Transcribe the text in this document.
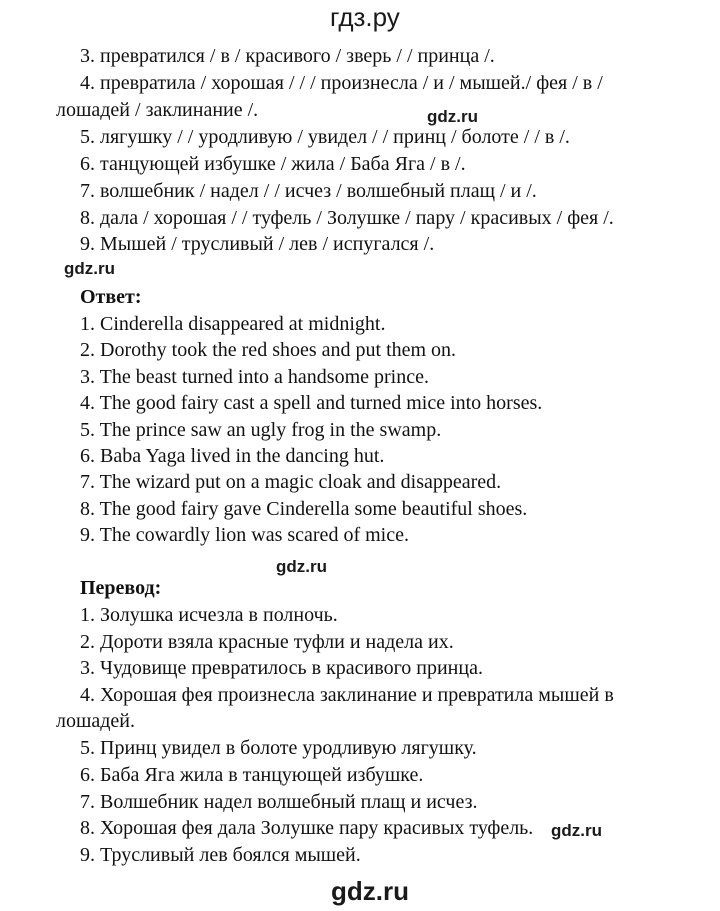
гдз.ру
gdz.ru
gdz.ru
gdz.ru
gdz.ru
gdz.ru
3. превратился / в / красивого / зверь / / принца /.
4. превратила / хорошая / / / произнесла / и / мышей./ фея / в /
лошадей / заклинание /.
5. лягушку / / уродливую / увидел / / принц / болоте / / в /.
6. танцующей избушке / жила / Баба Яга / в /.
7. волшебник / надел / / исчез / волшебный плащ / и /.
8. дала / хорошая / / туфель / Золушке / пару / красивых / фея /.
9. Мышей / трусливый / лев / испугался /.
Ответ:
1. Cinderella disappeared at midnight.
2. Dorothy took the red shoes and put them on.
3. The beast turned into a handsome prince.
4. The good fairy cast a spell and turned mice into horses.
5. The prince saw an ugly frog in the swamp.
6. Baba Yaga lived in the dancing hut.
7. The wizard put on a magic cloak and disappeared.
8. The good fairy gave Cinderella some beautiful shoes.
9. The cowardly lion was scared of mice.
Перевод:
1. Золушка исчезла в полночь.
2. Дороти взяла красные туфли и надела их.
3. Чудовище превратилось в красивого принца.
4. Хорошая фея произнесла заклинание и превратила мышей в
лошадей.
5. Принц увидел в болоте уродливую лягушку.
6. Баба Яга жила в танцующей избушке.
7. Волшебник надел волшебный плащ и исчез.
8. Хорошая фея дала Золушке пару красивых туфель.
9. Трусливый лев боялся мышей.
